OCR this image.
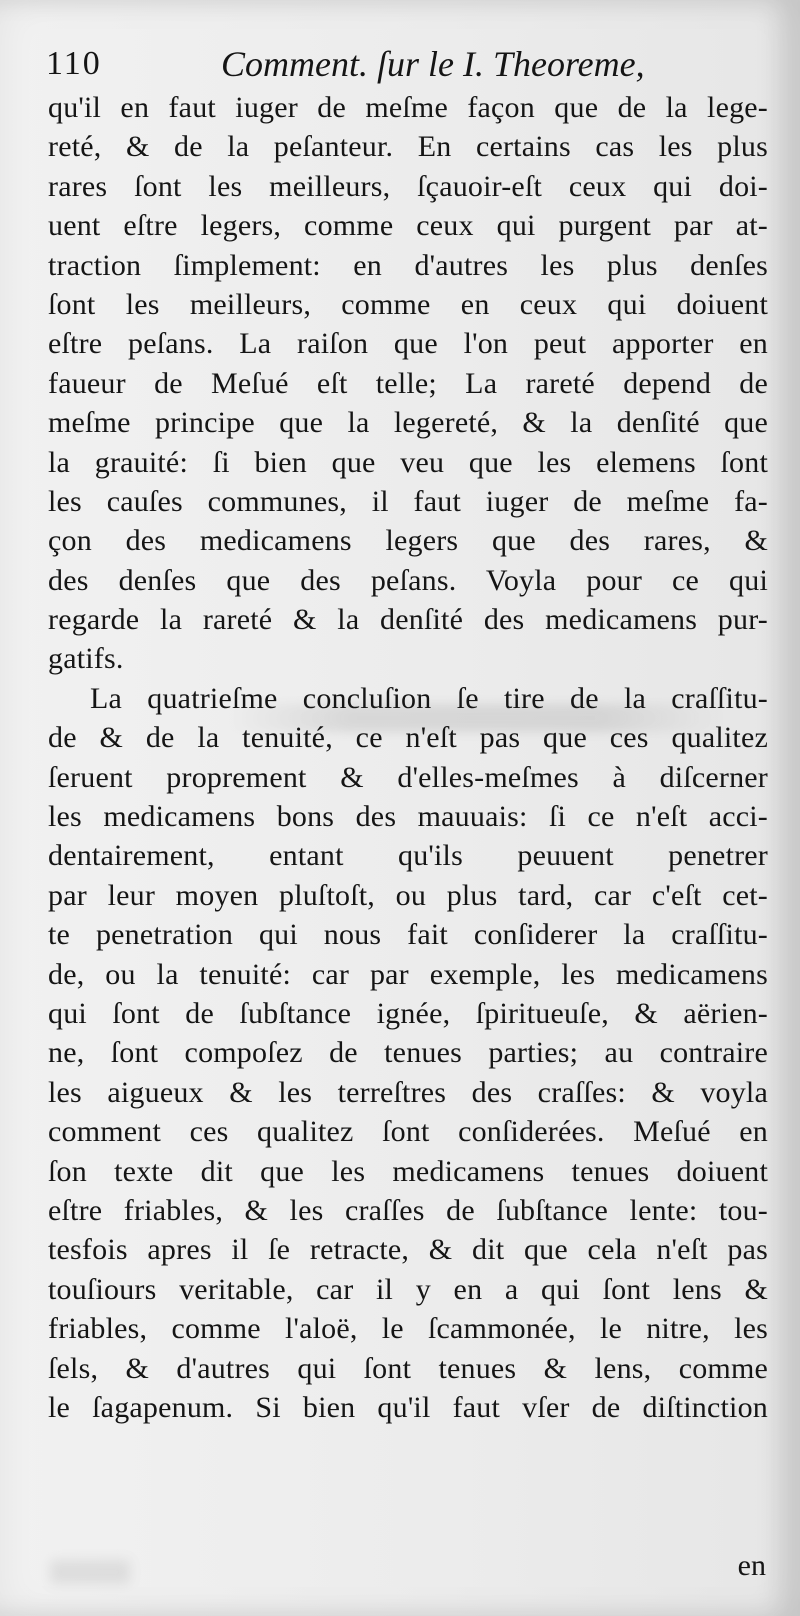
110	Comment. ſur le I. Theoreme,
qu'il en faut iuger de meſme façon que de la lege-
reté, & de la peſanteur. En certains cas les plus
rares ſont les meilleurs, ſçauoir-eſt ceux qui doi-
uent eſtre legers, comme ceux qui purgent par at-
traction ſimplement: en d'autres les plus denſes
ſont les meilleurs, comme en ceux qui doiuent
eſtre peſans. La raiſon que l'on peut apporter en
faueur de Meſué eſt telle; La rareté depend de
meſme principe que la legereté, & la denſité que
la grauité: ſi bien que veu que les elemens ſont
les cauſes communes, il faut iuger de meſme fa-
çon des medicamens legers que des rares, &
des denſes que des peſans. Voyla pour ce qui
regarde la rareté & la denſité des medicamens pur-
gatifs.
La quatrieſme concluſion ſe tire de la craſſitu-
de & de la tenuité, ce n'eſt pas que ces qualitez
ſeruent proprement & d'elles-meſmes à diſcerner
les medicamens bons des mauuais: ſi ce n'eſt acci-
dentairement, entant qu'ils peuuent penetrer
par leur moyen pluſtoſt, ou plus tard, car c'eſt cet-
te penetration qui nous fait conſiderer la craſſitu-
de, ou la tenuité: car par exemple, les medicamens
qui ſont de ſubſtance ignée, ſpiritueuſe, & aërien-
ne, ſont compoſez de tenues parties; au contraire
les aigueux & les terreſtres des craſſes: & voyla
comment ces qualitez ſont conſiderées. Meſué en
ſon texte dit que les medicamens tenues doiuent
eſtre friables, & les craſſes de ſubſtance lente: tou-
tesfois apres il ſe retracte, & dit que cela n'eſt pas
touſiours veritable, car il y en a qui ſont lens &
friables, comme l'aloë, le ſcammonée, le nitre, les
ſels, & d'autres qui ſont tenues & lens, comme
le ſagapenum. Si bien qu'il faut vſer de diſtinction
en
